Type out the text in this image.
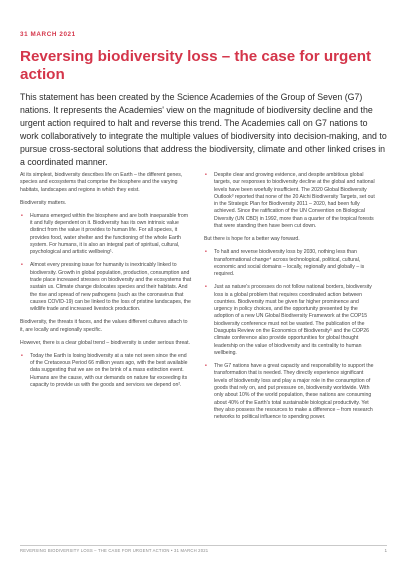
31 MARCH 2021
Reversing biodiversity loss – the case for urgent action

This statement has been created by the Science Academies of the Group of Seven (G7) nations. It represents the Academies' view on the magnitude of biodiversity decline and the urgent action required to halt and reverse this trend. The Academies call on G7 nations to work collaboratively to integrate the multiple values of biodiversity into decision-making, and to pursue cross-sectoral solutions that address the biodiversity, climate and other linked crises in a coordinated manner.

At its simplest, biodiversity describes life on Earth – the different genes, species and ecosystems that comprise the biosphere and the varying habitats, landscapes and regions in which they exist.

Biodiversity matters.

• Humans emerged within the biosphere and are both inseparable from it and fully dependent on it. Biodiversity has its own intrinsic value distinct from the value it provides to human life. For all species, it provides food, water shelter and the functioning of the whole Earth system. For humans, it is also an integral part of spiritual, cultural, psychological and artistic wellbeing¹.
• Almost every pressing issue for humanity is inextricably linked to biodiversity. Growth in global population, production, consumption and trade place increased stresses on biodiversity and the ecosystems that sustain us. Climate change dislocates species and their habitats. And the rise and spread of new pathogens (such as the coronavirus that causes COVID-19) can be linked to the loss of pristine landscapes, the wildlife trade and increased livestock production.

Biodiversity, the threats it faces, and the values different cultures attach to it, are locally and regionally specific.

However, there is a clear global trend – biodiversity is under serious threat.

• Today the Earth is losing biodiversity at a rate not seen since the end of the Cretaceous Period 66 million years ago, with the best available data suggesting that we are on the brink of a mass extinction event. Humans are the cause, with our demands on nature far exceeding its capacity to provide us with the goods and services we depend on².
• Despite clear and growing evidence, and despite ambitious global targets, our responses to biodiversity decline at the global and national levels have been woefully insufficient. The 2020 Global Biodiversity Outlook³ reported that none of the 20 Aichi Biodiversity Targets, set out in the Strategic Plan for Biodiversity 2011 – 2020, had been fully achieved. Since the ratification of the UN Convention on Biological Diversity (UN CBD) in 1992, more than a quarter of the tropical forests that were standing then have been cut down.

But there is hope for a better way forward.

• To halt and reverse biodiversity loss by 2030, nothing less than transformational change⁴ across technological, political, cultural, economic and social domains – locally, regionally and globally – is required.
• Just as nature's processes do not follow national borders, biodiversity loss is a global problem that requires coordinated action between countries. Biodiversity must be given far higher prominence and urgency in policy choices, and the opportunity presented by the adoption of a new UN Global Biodiversity Framework at the COP15 biodiversity conference must not be wasted. The publication of the Dasgupta Review on the Economics of Biodiversity⁵ and the COP26 climate conference also provide opportunities for global thought leadership on the value of biodiversity and its centrality to human wellbeing.
• The G7 nations have a great capacity and responsibility to support the transformation that is needed. They directly experience significant levels of biodiversity loss and play a major role in the consumption of goods that rely on, and put pressure on, biodiversity worldwide. With only about 10% of the world population, these nations are consuming about 40% of the Earth's total sustainable biological productivity. Yet they also possess the resources to make a difference – from research networks to political influence to spending power.
REVERSING BIODIVERSITY LOSS – THE CASE FOR URGENT ACTION • 31 MARCH 2021	1
